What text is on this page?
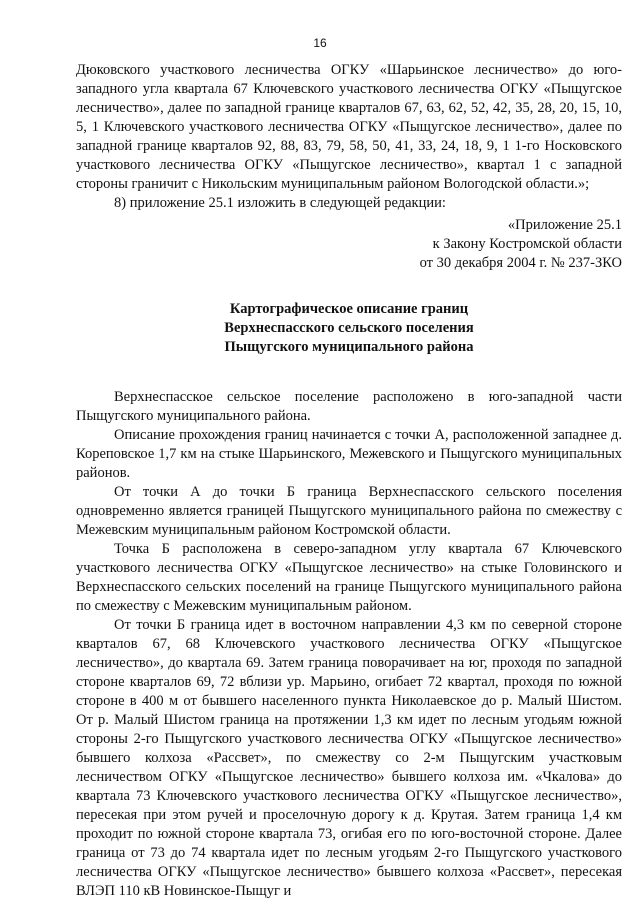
16

Дюковского участкового лесничества ОГКУ «Шарьинское лесничество» до юго-западного угла квартала 67 Ключевского участкового лесничества ОГКУ «Пыщугское лесничество», далее по западной границе кварталов 67, 63, 62, 52, 42, 35, 28, 20, 15, 10, 5, 1 Ключевского участкового лесничества ОГКУ «Пыщугское лесничество», далее по западной границе кварталов 92, 88, 83, 79, 58, 50, 41, 33, 24, 18, 9, 1 1-го Носковского участкового лесничества ОГКУ «Пыщугское лесничество», квартал 1 с западной стороны граничит с Никольским муниципальным районом Вологодской области.»;

8) приложение 25.1 изложить в следующей редакции:

«Приложение 25.1
к Закону Костромской области
от 30 декабря 2004 г. № 237-ЗКО
Картографическое описание границ
Верхнеспасского сельского поселения
Пыщугского муниципального района

Верхнеспасское сельское поселение расположено в юго-западной части Пыщугского муниципального района.

Описание прохождения границ начинается с точки А, расположенной западнее д. Кореповское 1,7 км на стыке Шарьинского, Межевского и Пыщугского муниципальных районов.

От точки А до точки Б граница Верхнеспасского сельского поселения одновременно является границей Пыщугского муниципального района по смежеству с Межевским муниципальным районом Костромской области.

Точка Б расположена в северо-западном углу квартала 67 Ключевского участкового лесничества ОГКУ «Пыщугское лесничество» на стыке Головинского и Верхнеспасского сельских поселений на границе Пыщугского муниципального района по смежеству с Межевским муниципальным районом.

От точки Б граница идет в восточном направлении 4,3 км по северной стороне кварталов 67, 68 Ключевского участкового лесничества ОГКУ «Пыщугское лесничество», до квартала 69. Затем граница поворачивает на юг, проходя по западной стороне кварталов 69, 72 вблизи ур. Марьино, огибает 72 квартал, проходя по южной стороне в 400 м от бывшего населенного пункта Николаевское до р. Малый Шистом. От р. Малый Шистом граница на протяжении 1,3 км идет по лесным угодьям южной стороны 2-го Пыщугского участкового лесничества ОГКУ «Пыщугское лесничество» бывшего колхоза «Рассвет», по смежеству со 2-м Пыщугским участковым лесничеством ОГКУ «Пыщугское лесничество» бывшего колхоза им. «Чкалова» до квартала 73 Ключевского участкового лесничества ОГКУ «Пыщугское лесничество», пересекая при этом ручей и проселочную дорогу к д. Крутая. Затем граница 1,4 км проходит по южной стороне квартала 73, огибая его по юго-восточной стороне. Далее граница от 73 до 74 квартала идет по лесным угодьям 2-го Пыщугского участкового лесничества ОГКУ «Пыщугское лесничество» бывшего колхоза «Рассвет», пересекая ВЛЭП 110 кВ Новинское-Пыщуг и
